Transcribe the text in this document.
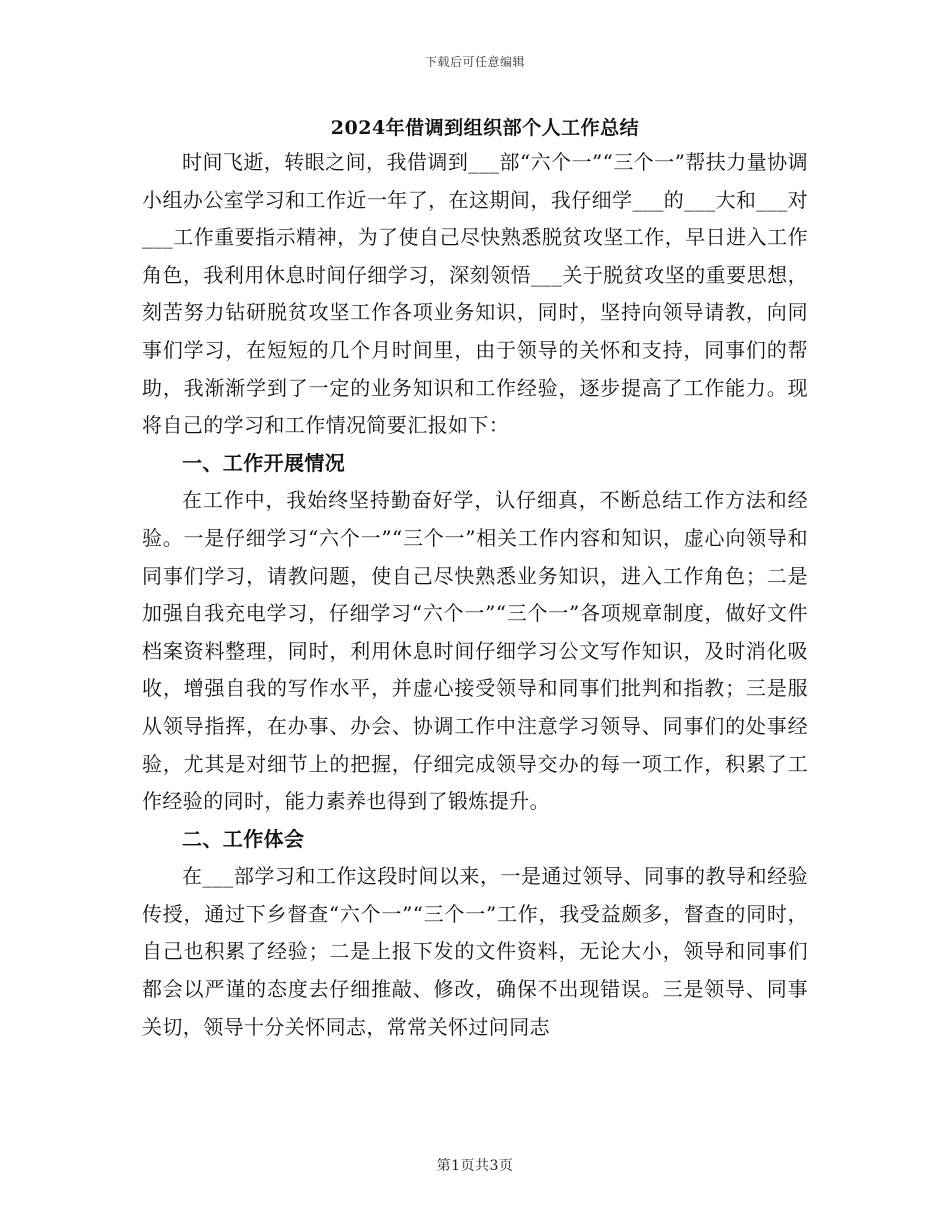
下载后可任意编辑
2024年借调到组织部个人工作总结

时间飞逝，转眼之间，我借调到___部“六个一”“三个一”帮扶力量协调小组办公室学习和工作近一年了，在这期间，我仔细学___的___大和___对___工作重要指示精神，为了使自己尽快熟悉脱贫攻坚工作，早日进入工作角色，我利用休息时间仔细学习，深刻领悟___关于脱贫攻坚的重要思想，刻苦努力钻研脱贫攻坚工作各项业务知识，同时，坚持向领导请教，向同事们学习，在短短的几个月时间里，由于领导的关怀和支持，同事们的帮助，我渐渐学到了一定的业务知识和工作经验，逐步提高了工作能力。现将自己的学习和工作情况简要汇报如下：

一、工作开展情况

在工作中，我始终坚持勤奋好学，认仔细真，不断总结工作方法和经验。一是仔细学习“六个一”“三个一”相关工作内容和知识，虚心向领导和同事们学习，请教问题，使自己尽快熟悉业务知识，进入工作角色；二是加强自我充电学习，仔细学习“六个一”“三个一”各项规章制度，做好文件档案资料整理，同时，利用休息时间仔细学习公文写作知识，及时消化吸收，增强自我的写作水平，并虚心接受领导和同事们批判和指教；三是服从领导指挥，在办事、办会、协调工作中注意学习领导、同事们的处事经验，尤其是对细节上的把握，仔细完成领导交办的每一项工作，积累了工作经验的同时，能力素养也得到了锻炼提升。

二、工作体会

在___部学习和工作这段时间以来，一是通过领导、同事的教导和经验传授，通过下乡督查“六个一”“三个一”工作，我受益颇多，督查的同时，自己也积累了经验；二是上报下发的文件资料，无论大小，领导和同事们都会以严谨的态度去仔细推敲、修改，确保不出现错误。三是领导、同事关切，领导十分关怀同志，常常关怀过问同志

第1页共3页
